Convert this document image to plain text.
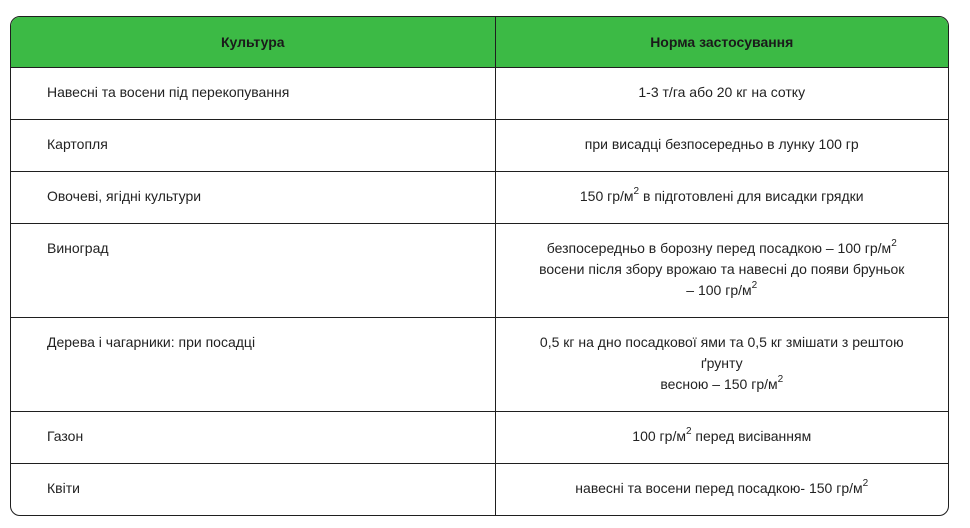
Культура	Норма застосування
Навесні та восени під перекопування	1-3 т/га або 20 кг на сотку

Картопля	при висадці безпосередньо в лунку 100 гр

Овочеві, ягідні культури	150 $гр/м^2$ в підготовлені для висадки грядки

Виноград	безпосередньо в борозну перед посадкою – 100 $гр/м^2$
восени після збору врожаю та навесні до появи бруньок
– 100 $гр/м^2$

Дерева і чагарники: при посадці	0,5 кг на дно посадкової ями та 0,5 кг змішати з рештою
ґрунту
весною – 150 $гр/м^2$

Газон	100 $гр/м^2$ перед висіванням

Квіти	навесні та восени перед посадкою- 150 $гр/м^2$
